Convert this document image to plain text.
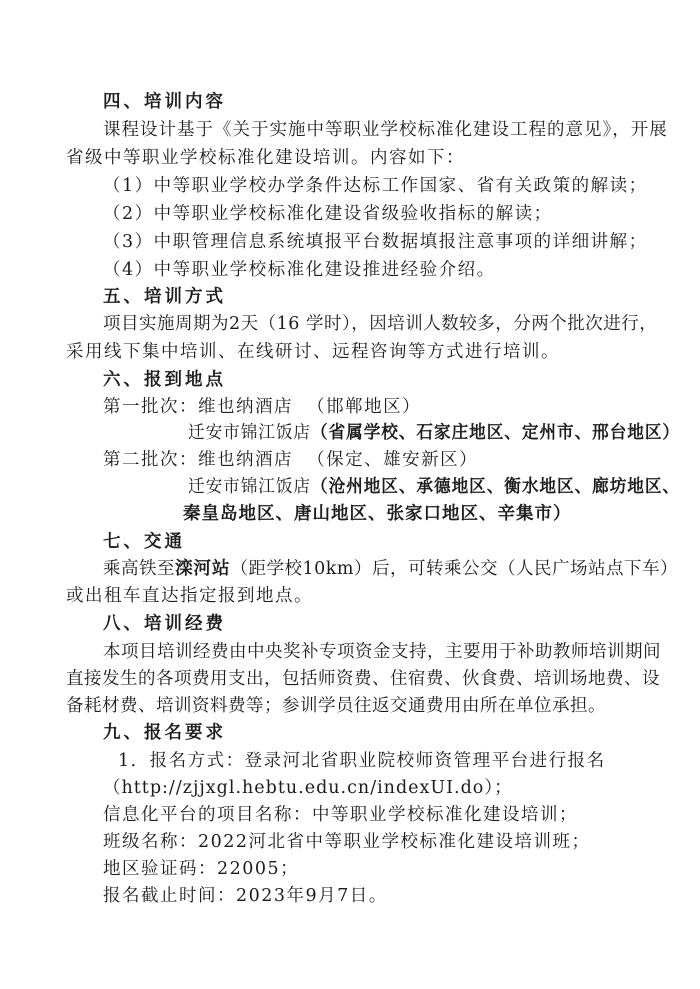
四、培训内容
课程设计基于《关于实施中等职业学校标准化建设工程的意见》，开展
省级中等职业学校标准化建设培训。内容如下：
（1）中等职业学校办学条件达标工作国家、省有关政策的解读；
（2）中等职业学校标准化建设省级验收指标的解读；
（3）中职管理信息系统填报平台数据填报注意事项的详细讲解；
（4）中等职业学校标准化建设推进经验介绍。
五、培训方式
项目实施周期为2天（16 学时），因培训人数较多，分两个批次进行，
采用线下集中培训、在线研讨、远程咨询等方式进行培训。
六、报到地点
第一批次：维也纳酒店 （邯郸地区）
迁安市锦江饭店（省属学校、石家庄地区、定州市、邢台地区）
第二批次：维也纳酒店 （保定、雄安新区）
迁安市锦江饭店（沧州地区、承德地区、衡水地区、廊坊地区、
秦皇岛地区、唐山地区、张家口地区、辛集市）
七、交通
乘高铁至滦河站（距学校10km）后，可转乘公交（人民广场站点下车）
或出租车直达指定报到地点。
八、培训经费
本项目培训经费由中央奖补专项资金支持，主要用于补助教师培训期间
直接发生的各项费用支出，包括师资费、住宿费、伙食费、培训场地费、设
备耗材费、培训资料费等；参训学员往返交通费用由所在单位承担。
九、报名要求
1．报名方式：登录河北省职业院校师资管理平台进行报名
（http://zjjxgl.hebtu.edu.cn/indexUI.do）；
信息化平台的项目名称：中等职业学校标准化建设培训；
班级名称：2022河北省中等职业学校标准化建设培训班；
地区验证码：22005；
报名截止时间：2023年9月7日。
